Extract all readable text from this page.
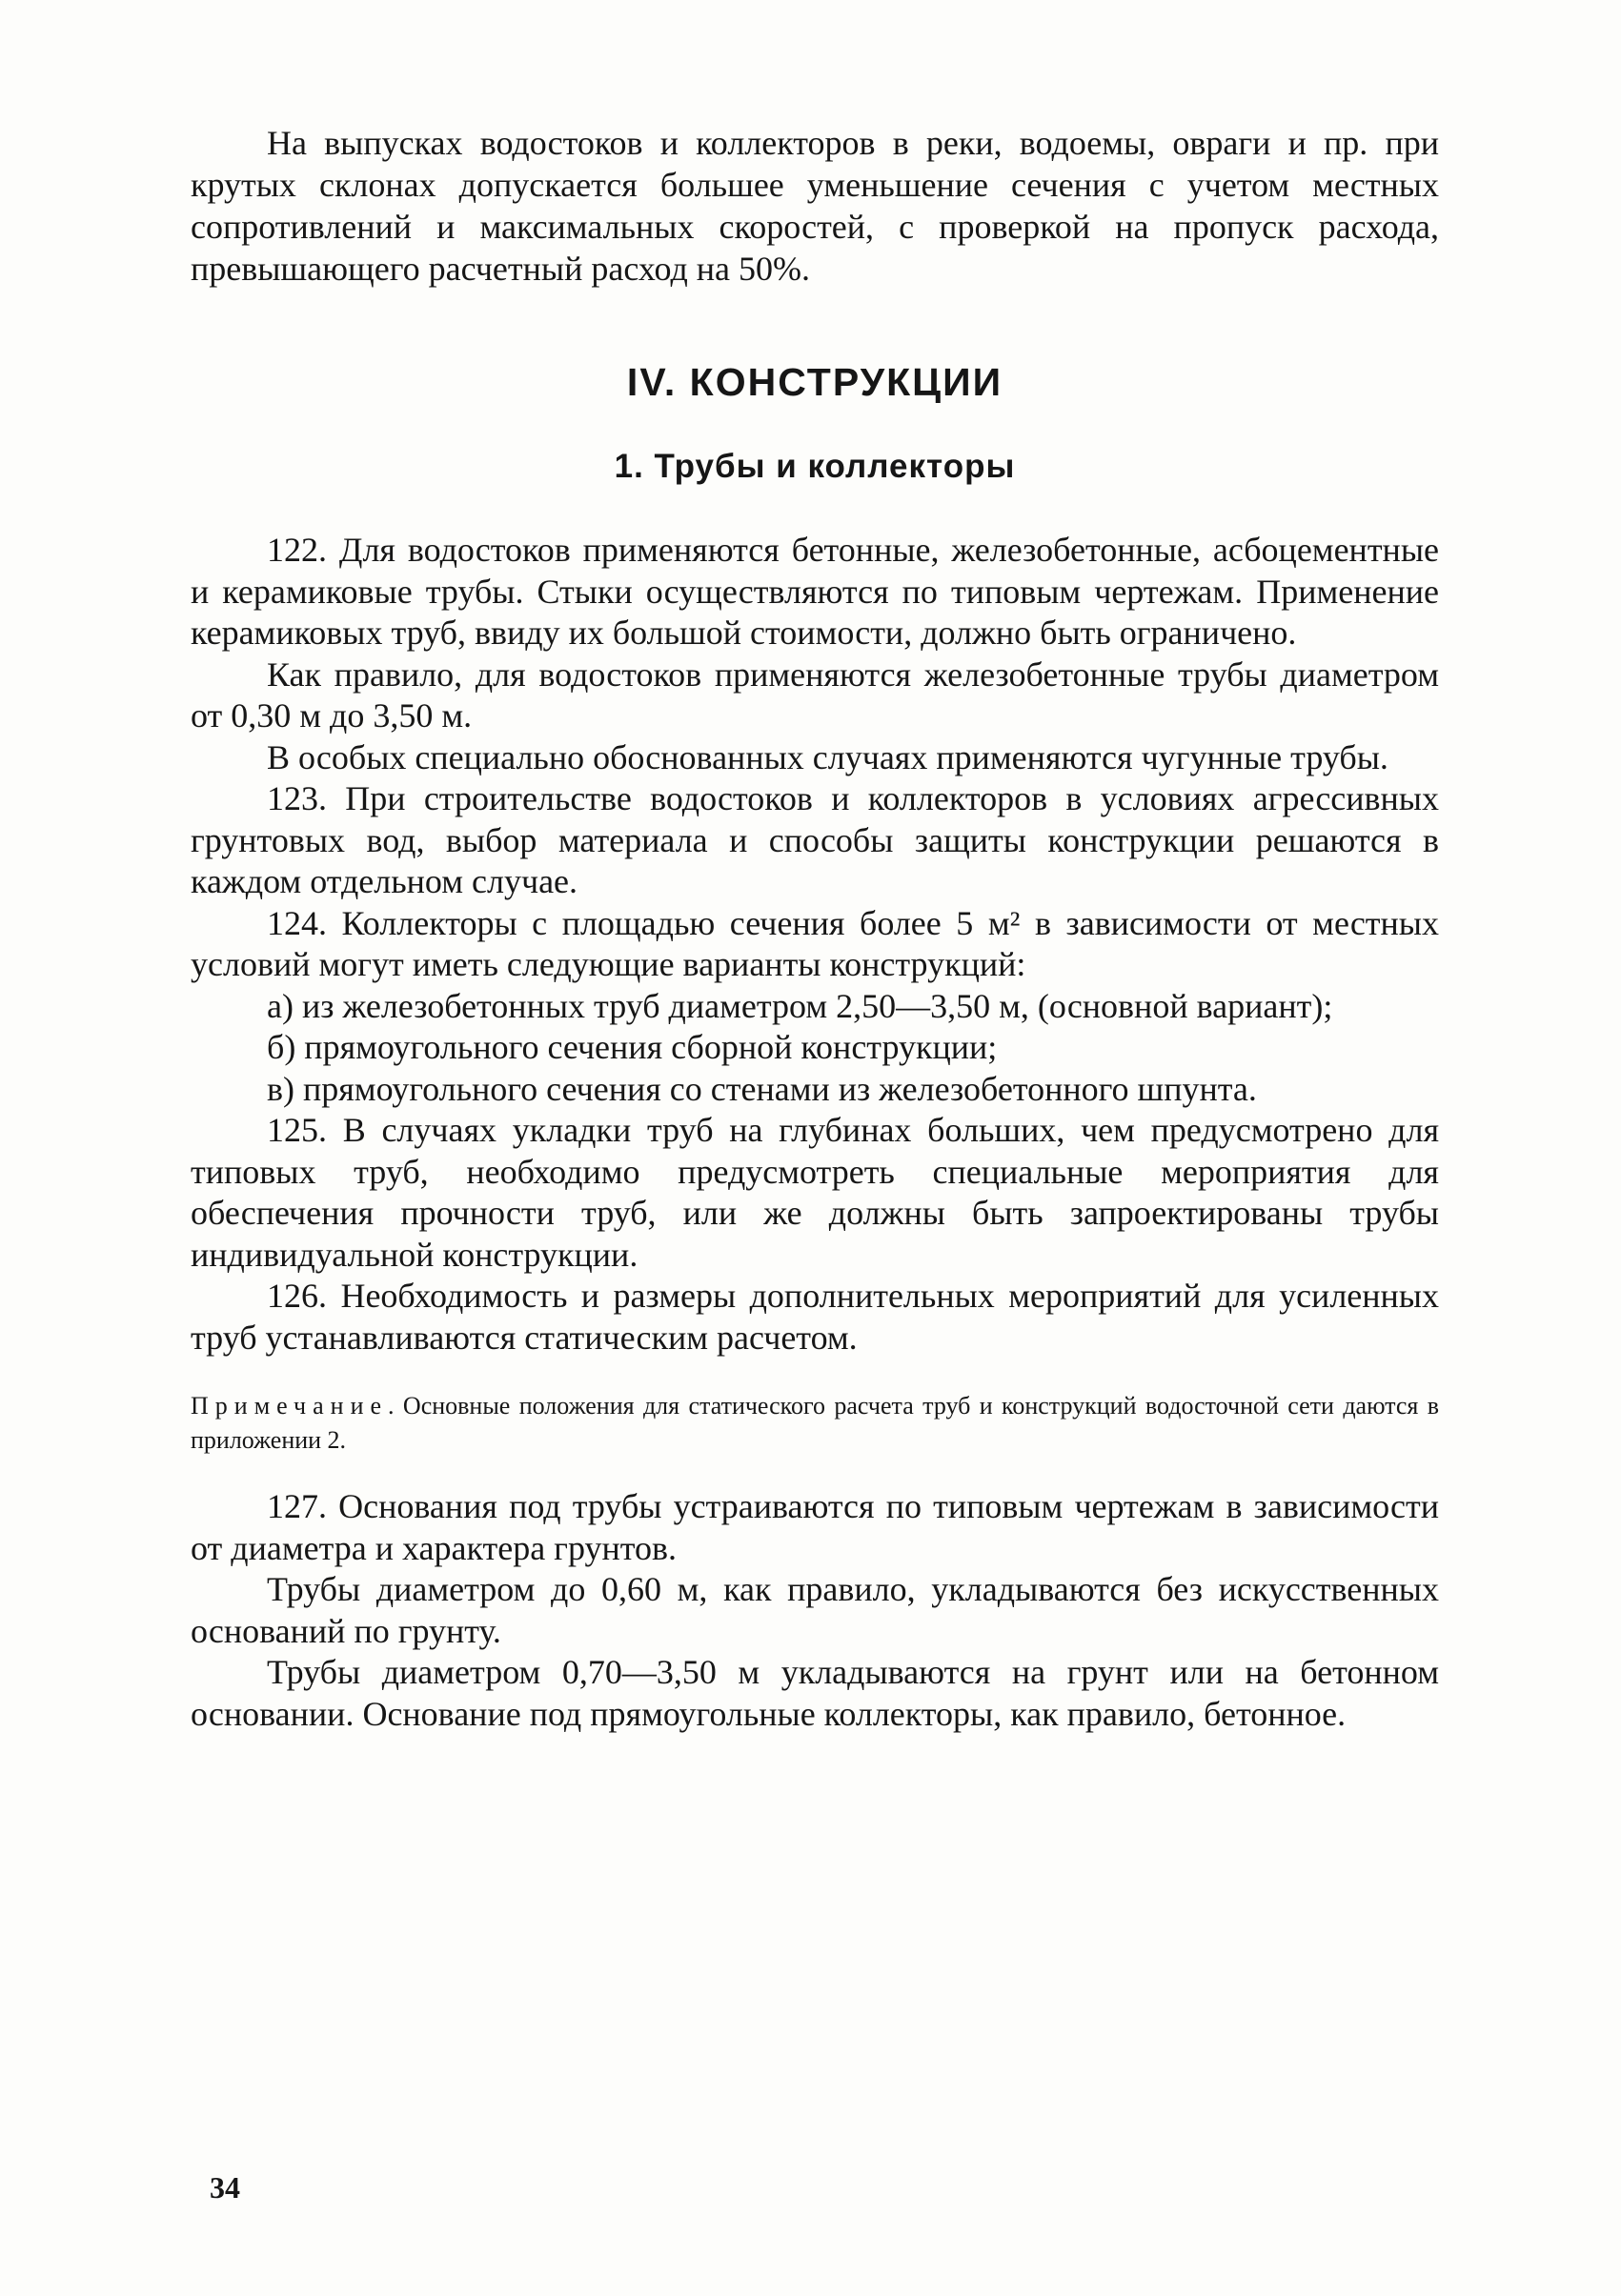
На выпусках водостоков и коллекторов в реки, водоемы, овраги и пр. при крутых склонах допускается большее уменьшение сечения с учетом местных сопротивлений и максимальных скоростей, с проверкой на пропуск расхода, превышающего расчетный расход на 50%.

IV. КОНСТРУКЦИИ
1. Трубы и коллекторы

122. Для водостоков применяются бетонные, железобетонные, асбоцементные и керамиковые трубы. Стыки осуществляются по типовым чертежам. Применение керамиковых труб, ввиду их большой стоимости, должно быть ограничено.

Как правило, для водостоков применяются железобетонные трубы диаметром от 0,30 м до 3,50 м.

В особых специально обоснованных случаях применяются чугунные трубы.

123. При строительстве водостоков и коллекторов в условиях агрессивных грунтовых вод, выбор материала и способы защиты конструкции решаются в каждом отдельном случае.

124. Коллекторы с площадью сечения более 5 м² в зависимости от местных условий могут иметь следующие варианты конструкций:

а) из железобетонных труб диаметром 2,50—3,50 м, (основной вариант);

б) прямоугольного сечения сборной конструкции;

в) прямоугольного сечения со стенами из железобетонного шпунта.

125. В случаях укладки труб на глубинах больших, чем предусмотрено для типовых труб, необходимо предусмотреть специальные мероприятия для обеспечения прочности труб, или же должны быть запроектированы трубы индивидуальной конструкции.

126. Необходимость и размеры дополнительных мероприятий для усиленных труб устанавливаются статическим расчетом.

Примечание. Основные положения для статического расчета труб и конструкций водосточной сети даются в приложении 2.

127. Основания под трубы устраиваются по типовым чертежам в зависимости от диаметра и характера грунтов.

Трубы диаметром до 0,60 м, как правило, укладываются без искусственных оснований по грунту.

Трубы диаметром 0,70—3,50 м укладываются на грунт или на бетонном основании. Основание под прямоугольные коллекторы, как правило, бетонное.

34
